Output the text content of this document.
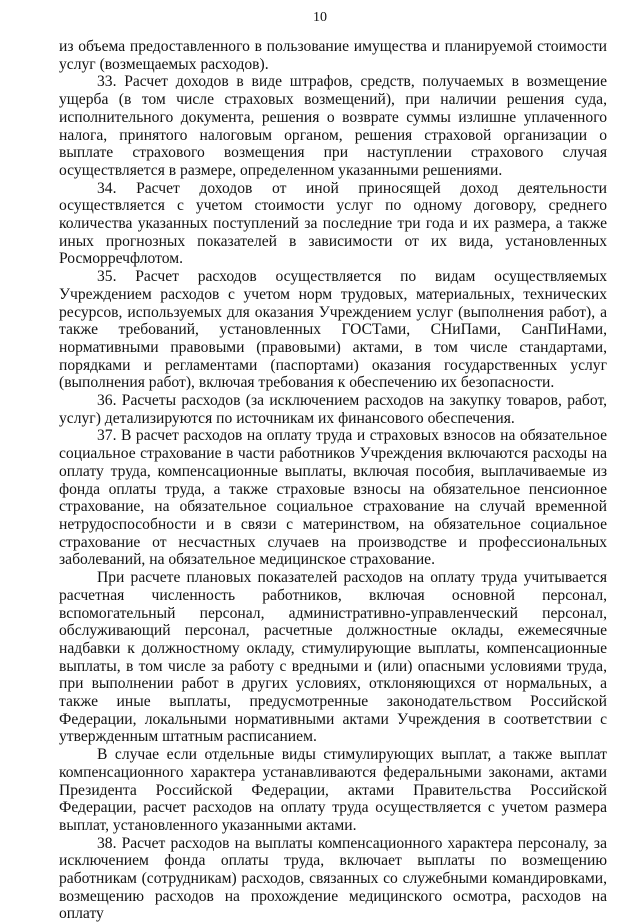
10

из объема предоставленного в пользование имущества и планируемой стоимости услуг (возмещаемых расходов).

33. Расчет доходов в виде штрафов, средств, получаемых в возмещение ущерба (в том числе страховых возмещений), при наличии решения суда, исполнительного документа, решения о возврате суммы излишне уплаченного налога, принятого налоговым органом, решения страховой организации о выплате страхового возмещения при наступлении страхового случая осуществляется в размере, определенном указанными решениями.

34. Расчет доходов от иной приносящей доход деятельности осуществляется с учетом стоимости услуг по одному договору, среднего количества указанных поступлений за последние три года и их размера, а также иных прогнозных показателей в зависимости от их вида, установленных Росморречфлотом.

35. Расчет расходов осуществляется по видам осуществляемых Учреждением расходов с учетом норм трудовых, материальных, технических ресурсов, используемых для оказания Учреждением услуг (выполнения работ), а также требований, установленных ГОСТами, СНиПами, СанПиНами, нормативными правовыми (правовыми) актами, в том числе стандартами, порядками и регламентами (паспортами) оказания государственных услуг (выполнения работ), включая требования к обеспечению их безопасности.

36. Расчеты расходов (за исключением расходов на закупку товаров, работ, услуг) детализируются по источникам их финансового обеспечения.

37. В расчет расходов на оплату труда и страховых взносов на обязательное социальное страхование в части работников Учреждения включаются расходы на оплату труда, компенсационные выплаты, включая пособия, выплачиваемые из фонда оплаты труда, а также страховые взносы на обязательное пенсионное страхование, на обязательное социальное страхование на случай временной нетрудоспособности и в связи с материнством, на обязательное социальное страхование от несчастных случаев на производстве и профессиональных заболеваний, на обязательное медицинское страхование.

При расчете плановых показателей расходов на оплату труда учитывается расчетная численность работников, включая основной персонал, вспомогательный персонал, административно-управленческий персонал, обслуживающий персонал, расчетные должностные оклады, ежемесячные надбавки к должностному окладу, стимулирующие выплаты, компенсационные выплаты, в том числе за работу с вредными и (или) опасными условиями труда, при выполнении работ в других условиях, отклоняющихся от нормальных, а также иные выплаты, предусмотренные законодательством Российской Федерации, локальными нормативными актами Учреждения в соответствии с утвержденным штатным расписанием.

В случае если отдельные виды стимулирующих выплат, а также выплат компенсационного характера устанавливаются федеральными законами, актами Президента Российской Федерации, актами Правительства Российской Федерации, расчет расходов на оплату труда осуществляется с учетом размера выплат, установленного указанными актами.

38. Расчет расходов на выплаты компенсационного характера персоналу, за исключением фонда оплаты труда, включает выплаты по возмещению работникам (сотрудникам) расходов, связанных со служебными командировками, возмещению расходов на прохождение медицинского осмотра, расходов на оплату
